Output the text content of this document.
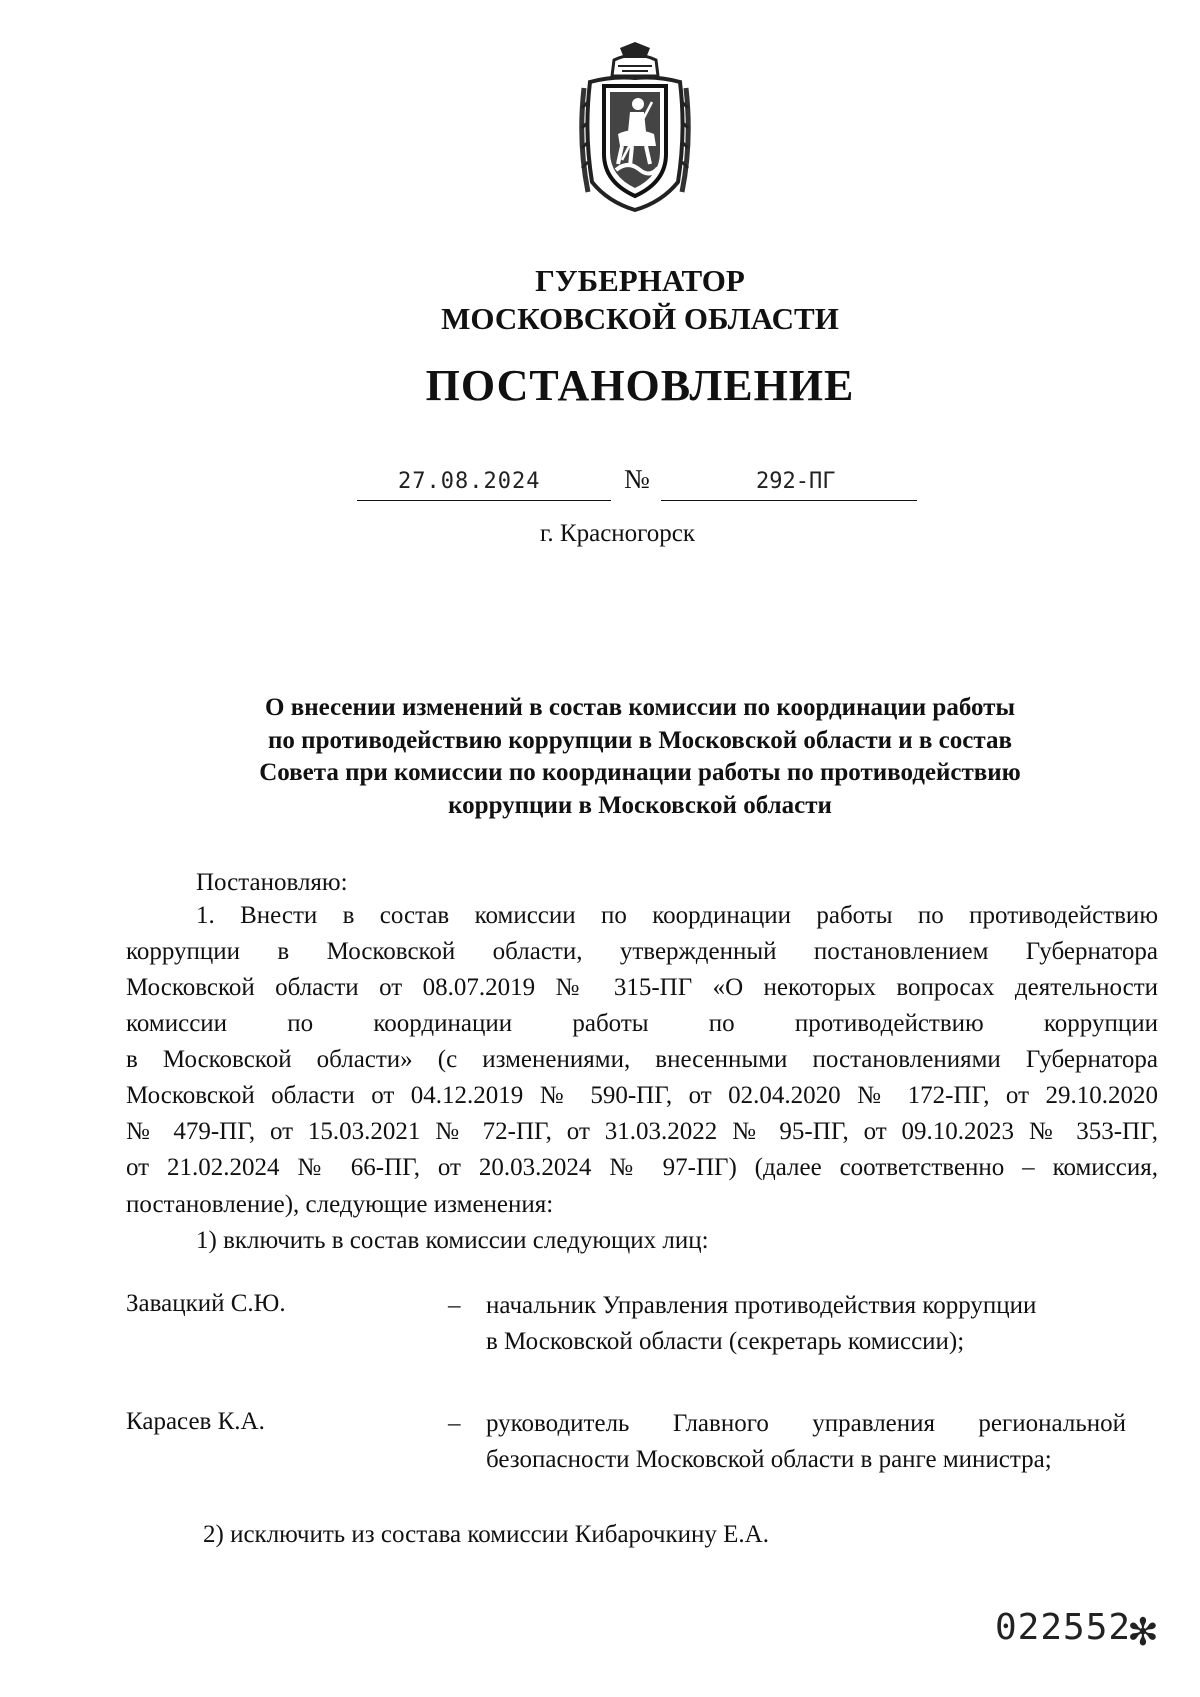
ГУБЕРНАТОР
МОСКОВСКОЙ ОБЛАСТИ
ПОСТАНОВЛЕНИЕ
27.08.2024	№	292-ПГ
г. Красногорск
О внесении изменений в состав комиссии по координации работы
по противодействию коррупции в Московской области и в состав
Совета при комиссии по координации работы по противодействию
коррупции в Московской области
Постановляю:
1. Внести в состав комиссии по координации работы по противодействию
коррупции в Московской области, утвержденный постановлением Губернатора
Московской области от 08.07.2019 № 315-ПГ «О некоторых вопросах деятельности
комиссии по координации работы по противодействию коррупции
в Московской области» (с изменениями, внесенными постановлениями Губернатора
Московской области от 04.12.2019 № 590-ПГ, от 02.04.2020 № 172-ПГ, от 29.10.2020
№ 479-ПГ, от 15.03.2021 № 72-ПГ, от 31.03.2022 № 95-ПГ, от 09.10.2023 № 353-ПГ,
от 21.02.2024 № 66-ПГ, от 20.03.2024 № 97-ПГ) (далее соответственно – комиссия,
постановление), следующие изменения:
1) включить в состав комиссии следующих лиц:
Завацкий С.Ю.	– начальник Управления противодействия коррупции
в Московской области (секретарь комиссии);
Карасев К.А.	– руководитель Главного управления региональной
безопасности Московской области в ранге министра;
2) исключить из состава комиссии Кибарочкину Е.А.
022552
✻
